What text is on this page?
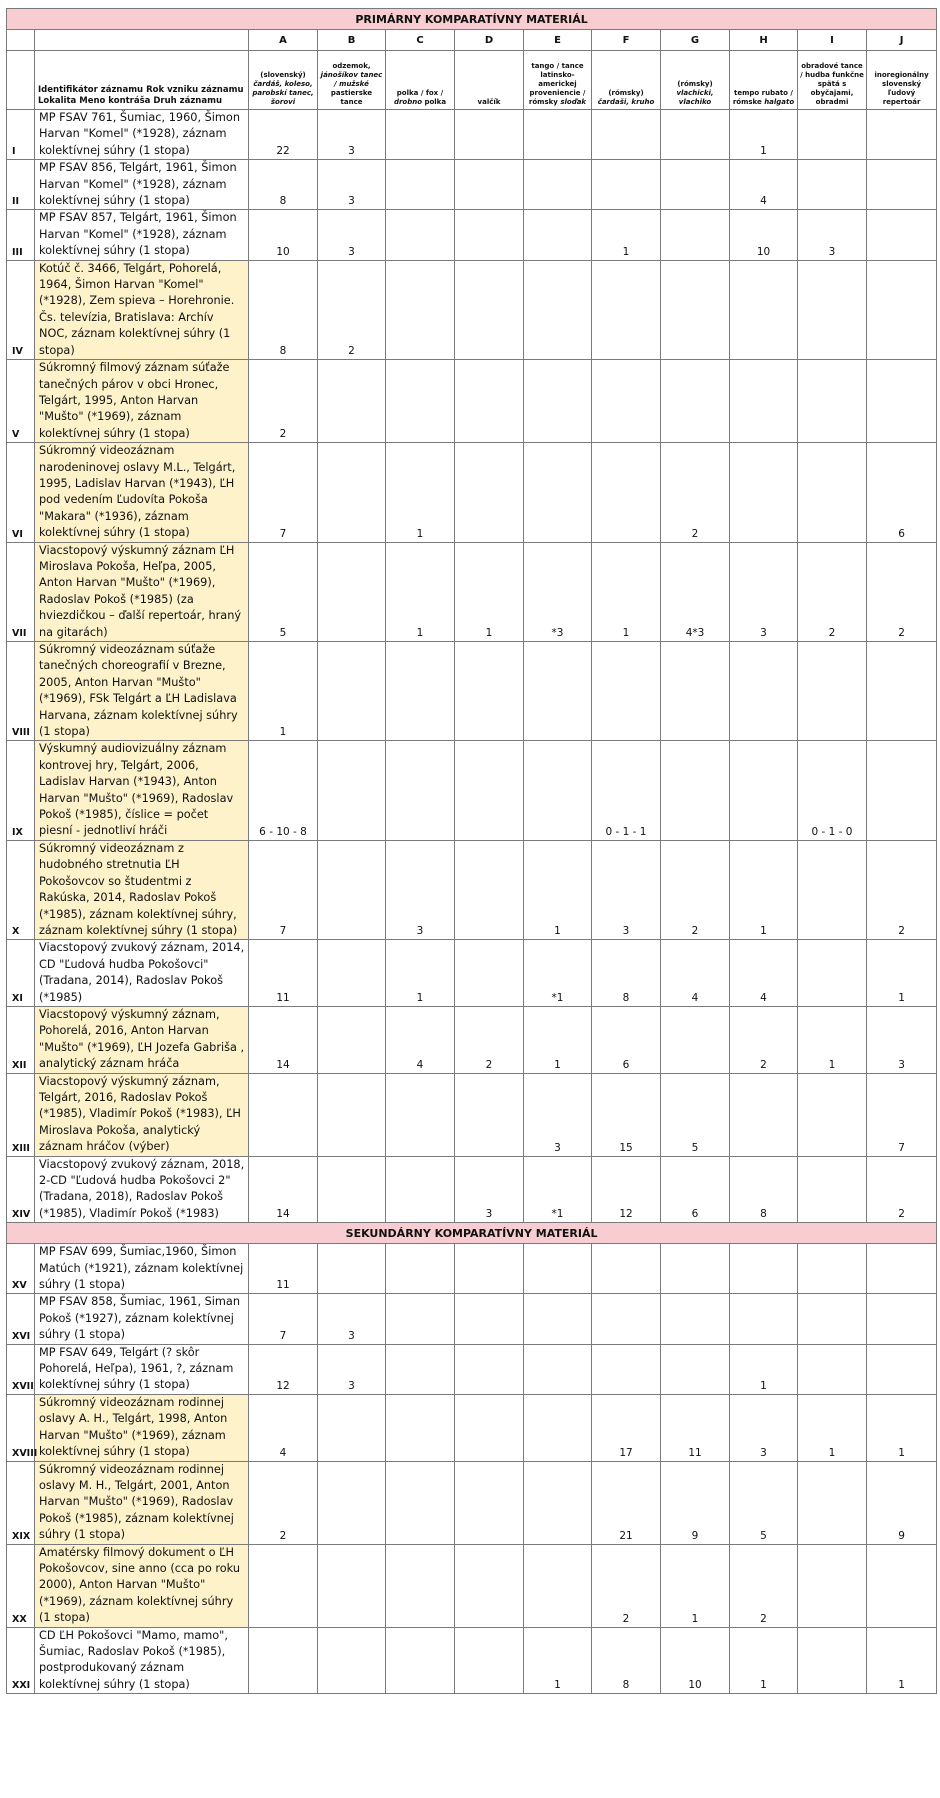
PRIMÁRNY KOMPARATÍVNY MATERIÁL											
		A	B	C	D	E	F	G	H	I	J
	Identifikátor záznamu Rok vzniku záznamu Lokalita Meno kontráša Druh záznamu	(slovenský) čardáš, koleso, parobskí tanec, šorovi	odzemok, jánošíkov tanec / mužské pastierske tance	polka / fox / drobno polka	valčík	tango / tance latinsko-americkej proveniencie / rómsky sloďak	(rómsky) čardaši, kruho	(rómsky) vlachicki, vlachiko	tempo rubato / rómske halgato	obradové tance / hudba funkčne spätá s obyčajami, obradmi	inoregionálny slovenský ľudový repertoár
I	MP FSAV 761, Šumiac, 1960, Šimon Harvan "Komel" (*1928), záznam kolektívnej súhry (1 stopa)	22	3						1		
II	MP FSAV 856, Telgárt, 1961, Šimon Harvan "Komel" (*1928), záznam kolektívnej súhry (1 stopa)	8	3						4		
III	MP FSAV 857, Telgárt, 1961, Šimon Harvan "Komel" (*1928), záznam kolektívnej súhry (1 stopa)	10	3				1		10	3	
IV	Kotúč č. 3466, Telgárt, Pohorelá, 1964, Šimon Harvan "Komel" (*1928), Zem spieva – Horehronie. Čs. televízia, Bratislava: Archív NOC, záznam kolektívnej súhry (1 stopa)	8	2								
V	Súkromný filmový záznam súťaže tanečných párov v obci Hronec, Telgárt, 1995, Anton Harvan "Mušto" (*1969), záznam kolektívnej súhry (1 stopa)	2									
VI	Súkromný videozáznam narodeninovej oslavy M.L., Telgárt, 1995, Ladislav Harvan (*1943), ĽH pod vedením Ľudovíta Pokoša "Makara" (*1936), záznam kolektívnej súhry (1 stopa)	7		1				2			6
VII	Viacstopový výskumný záznam ĽH Miroslava Pokoša, Heľpa, 2005, Anton Harvan "Mušto" (*1969), Radoslav Pokoš (*1985) (za hviezdičkou – ďalší repertoár, hraný na gitarách)	5		1	1	*3	1	4*3	3	2	2
VIII	Súkromný videozáznam súťaže tanečných choreografií v Brezne, 2005, Anton Harvan "Mušto" (*1969), FSk Telgárt a ĽH Ladislava Harvana, záznam kolektívnej súhry (1 stopa)	1									
IX	Výskumný audiovizuálny záznam kontrovej hry, Telgárt, 2006, Ladislav Harvan (*1943), Anton Harvan "Mušto" (*1969), Radoslav Pokoš (*1985), číslice = počet piesní - jednotliví hráči	6 - 10 - 8					0 - 1 - 1			0 - 1 - 0	
X	Súkromný videozáznam z hudobného stretnutia ĽH Pokošovcov so študentmi z Rakúska, 2014, Radoslav Pokoš (*1985), záznam kolektívnej súhry, záznam kolektívnej súhry (1 stopa)	7		3		1	3	2	1		2
XI	Viacstopový zvukový záznam, 2014, CD "Ľudová hudba Pokošovci" (Tradana, 2014), Radoslav Pokoš (*1985)	11		1		*1	8	4	4		1
XII	Viacstopový výskumný záznam, Pohorelá, 2016, Anton Harvan "Mušto" (*1969), ĽH Jozefa Gabriša , analytický záznam hráča	14		4	2	1	6		2	1	3
XIII	Viacstopový výskumný záznam, Telgárt, 2016, Radoslav Pokoš (*1985), Vladimír Pokoš (*1983), ĽH Miroslava Pokoša, analytický záznam hráčov (výber)					3	15	5			7
XIV	Viacstopový zvukový záznam, 2018, 2-CD "Ľudová hudba Pokošovci 2" (Tradana, 2018), Radoslav Pokoš (*1985), Vladimír Pokoš (*1983)	14			3	*1	12	6	8		2
SEKUNDÁRNY KOMPARATÍVNY MATERIÁL											
XV	MP FSAV 699, Šumiac,1960, Šimon Matúch (*1921), záznam kolektívnej súhry (1 stopa)	11									
XVI	MP FSAV 858, Šumiac, 1961, Siman Pokoš (*1927), záznam kolektívnej súhry (1 stopa)	7	3								
XVII	MP FSAV 649, Telgárt (? skôr Pohorelá, Heľpa), 1961, ?, záznam kolektívnej súhry (1 stopa)	12	3						1		
XVIII	Súkromný videozáznam rodinnej oslavy A. H., Telgárt, 1998, Anton Harvan "Mušto" (*1969), záznam kolektívnej súhry (1 stopa)	4					17	11	3	1	1
XIX	Súkromný videozáznam rodinnej oslavy M. H., Telgárt, 2001, Anton Harvan "Mušto" (*1969), Radoslav Pokoš (*1985), záznam kolektívnej súhry (1 stopa)	2					21	9	5		9
XX	Amatérsky filmový dokument o ĽH Pokošovcov, sine anno (cca po roku 2000), Anton Harvan "Mušto" (*1969), záznam kolektívnej súhry (1 stopa)						2	1	2		
XXI	CD ĽH Pokošovci "Mamo, mamo", Šumiac, Radoslav Pokoš (*1985), postprodukovaný záznam kolektívnej súhry (1 stopa)					1	8	10	1		1
